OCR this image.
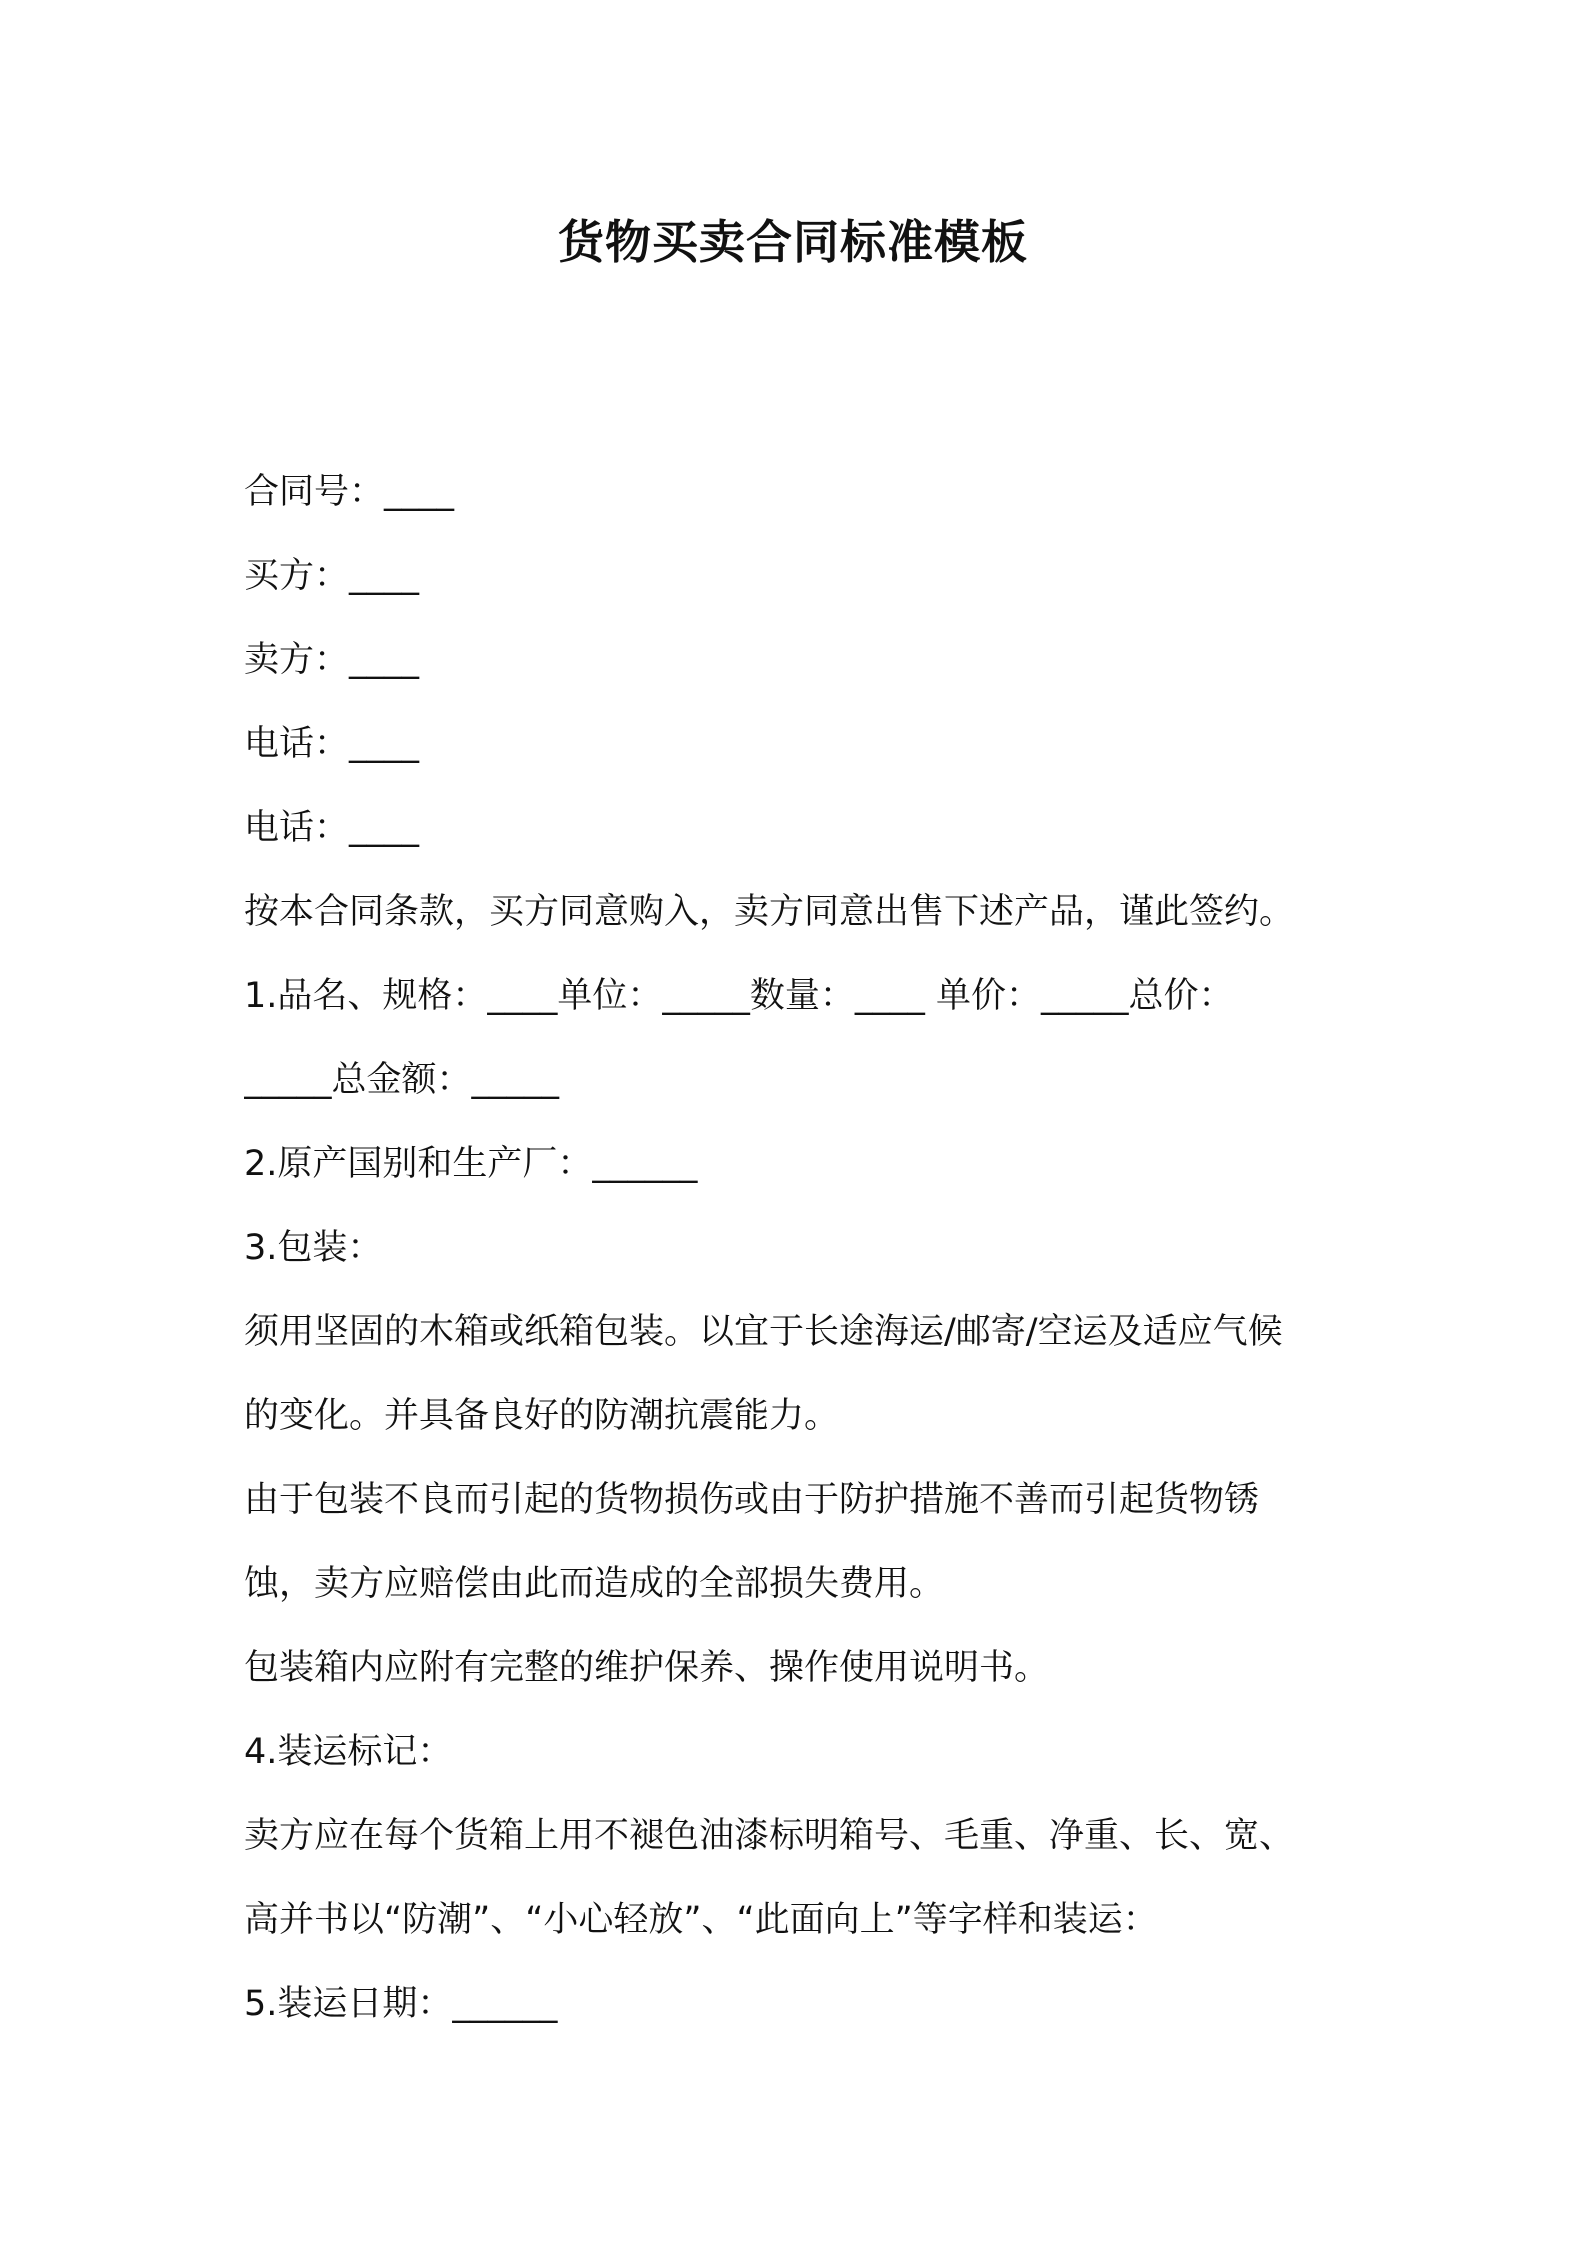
货物买卖合同标准模板
合同号：____
买方：____
卖方：____
电话：____
电话：____
按本合同条款，买方同意购入，卖方同意出售下述产品，谨此签约。
1.品名、规格：____单位：_____数量：____ 单价：_____总价：
_____总金额：_____
2.原产国别和生产厂：______
3.包装：
须用坚固的木箱或纸箱包装。以宜于长途海运/邮寄/空运及适应气候
的变化。并具备良好的防潮抗震能力。
由于包装不良而引起的货物损伤或由于防护措施不善而引起货物锈
蚀，卖方应赔偿由此而造成的全部损失费用。
包装箱内应附有完整的维护保养、操作使用说明书。
4.装运标记：
卖方应在每个货箱上用不褪色油漆标明箱号、毛重、净重、长、宽、
高并书以“防潮”、“小心轻放”、“此面向上”等字样和装运：
5.装运日期：______
